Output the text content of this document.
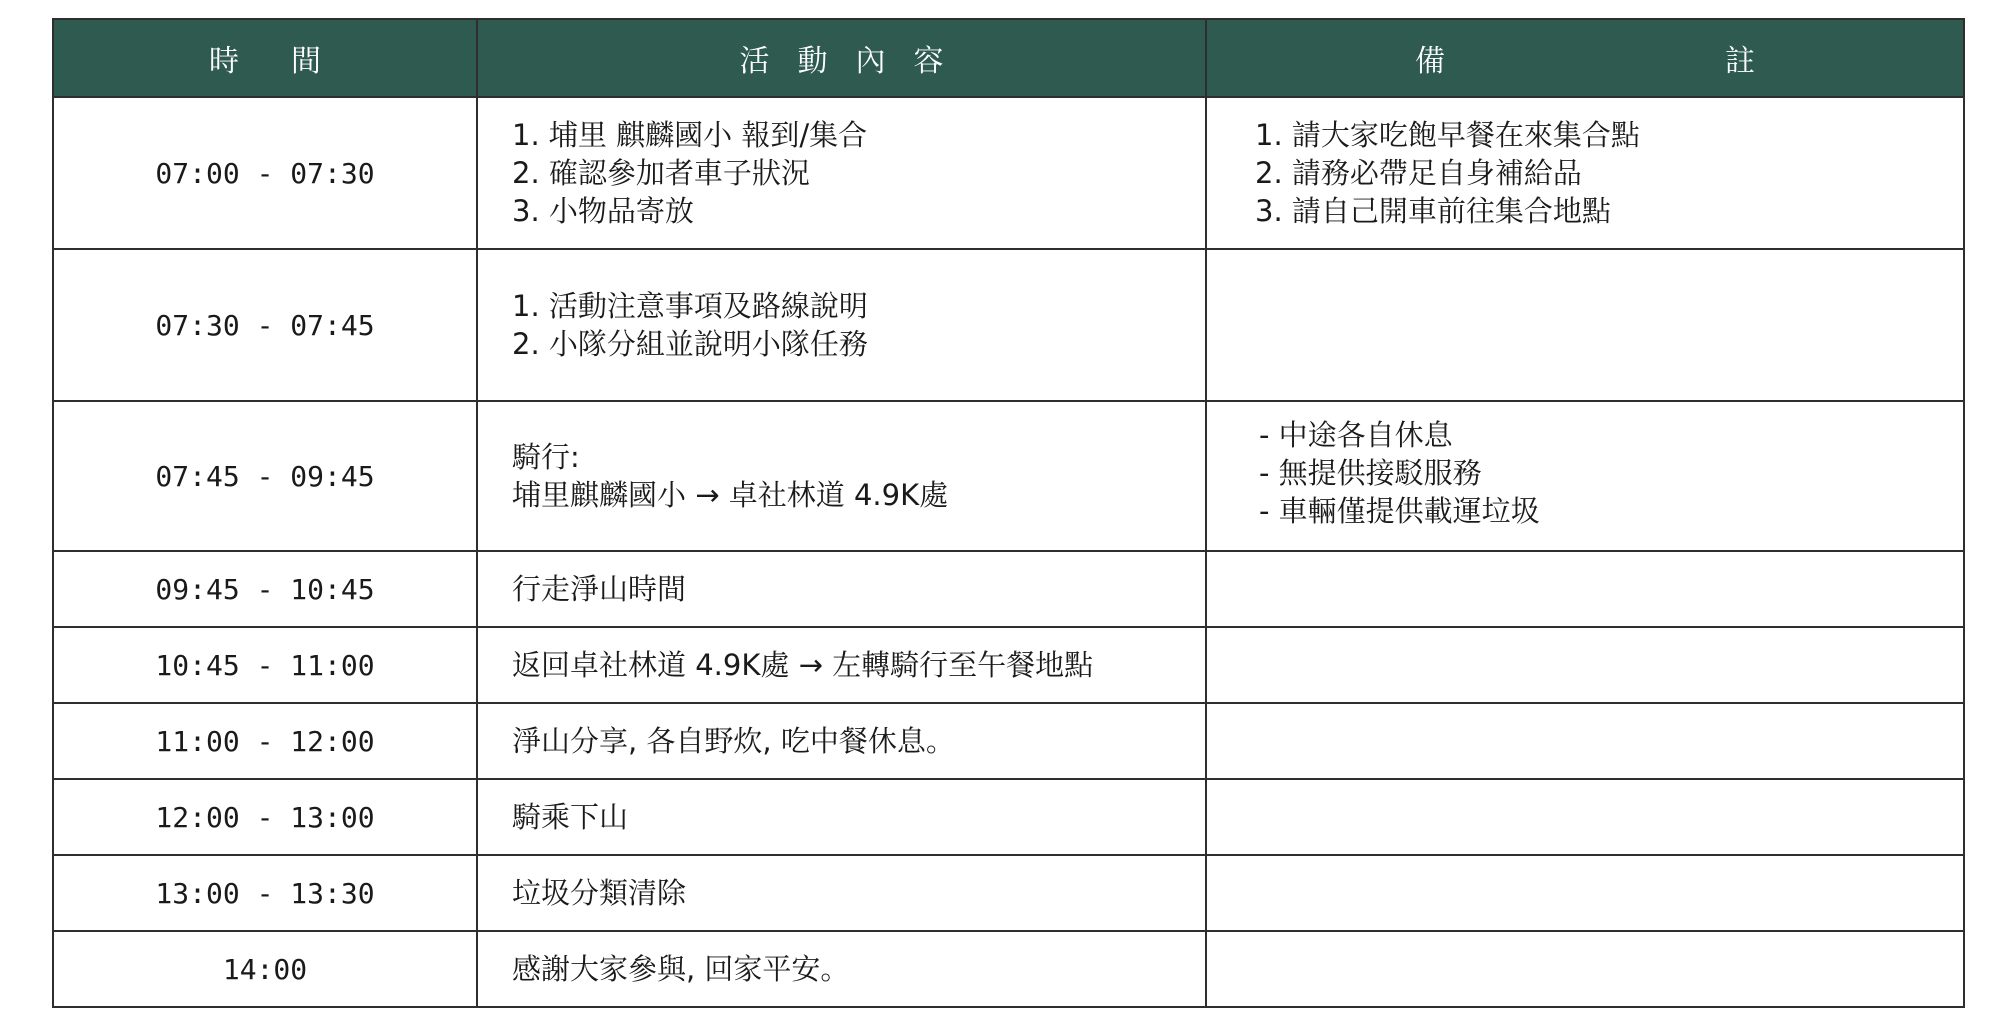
時 間	活 動 內 容	備 註
07:00 - 07:30	1. 埔里 麒麟國小 報到/集合
2. 確認參加者車子狀況
3. 小物品寄放	1. 請大家吃飽早餐在來集合點
2. 請務必帶足自身補給品
3. 請自己開車前往集合地點

07:30 - 07:45	1. 活動注意事項及路線說明
2. 小隊分組並說明小隊任務	

07:45 - 09:45	騎行:
埔里麒麟國小 → 卓社林道 4.9K處	- 中途各自休息
- 無提供接駁服務
- 車輛僅提供載運垃圾

09:45 - 10:45	行走淨山時間	

10:45 - 11:00	返回卓社林道 4.9K處 → 左轉騎行至午餐地點	

11:00 - 12:00	淨山分享, 各自野炊, 吃中餐休息。	

12:00 - 13:00	騎乘下山	

13:00 - 13:30	垃圾分類清除	

14:00	感謝大家參與, 回家平安。	
